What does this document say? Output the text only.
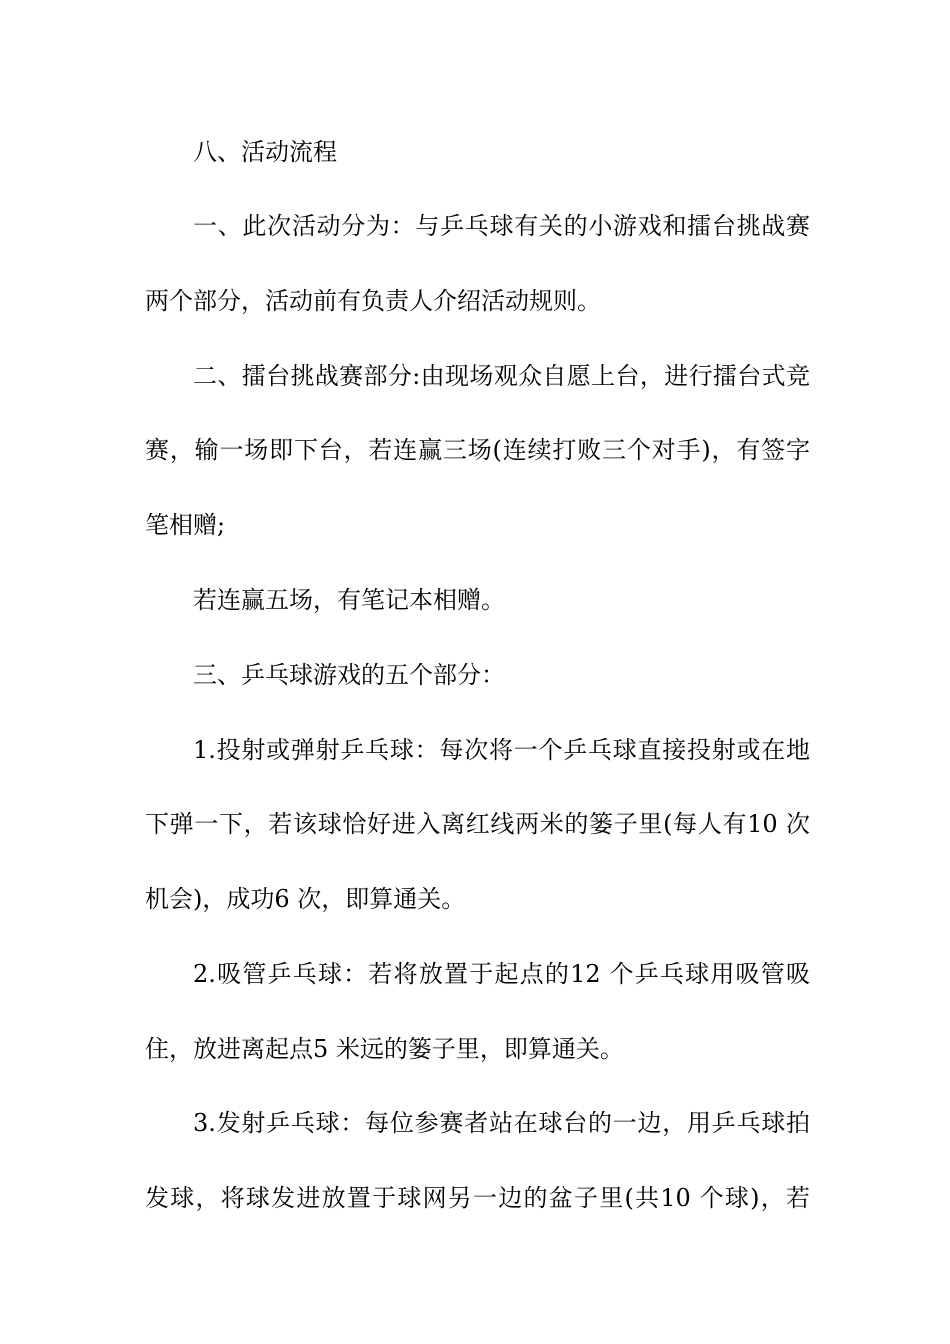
八、活动流程
一、此次活动分为：与乒乓球有关的小游戏和擂台挑战赛
两个部分，活动前有负责人介绍活动规则。
二、擂台挑战赛部分:由现场观众自愿上台，进行擂台式竞
赛，输一场即下台，若连赢三场(连续打败三个对手)，有签字
笔相赠;
若连赢五场，有笔记本相赠。
三、乒乓球游戏的五个部分：
1.投射或弹射乒乓球：每次将一个乒乓球直接投射或在地
下弹一下，若该球恰好进入离红线两米的篓子里(每人有10 次
机会)，成功6 次，即算通关。
2.吸管乒乓球：若将放置于起点的12 个乒乓球用吸管吸
住，放进离起点5 米远的篓子里，即算通关。
3.发射乒乓球：每位参赛者站在球台的一边，用乒乓球拍
发球，将球发进放置于球网另一边的盆子里(共10 个球)，若
